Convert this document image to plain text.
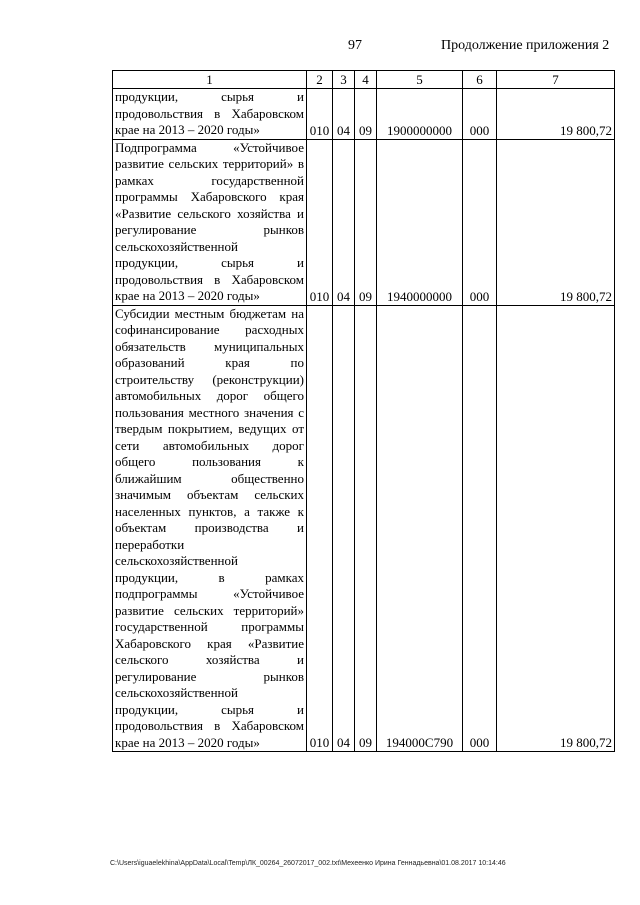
97	Продолжение приложения 2
1	2	3	4	5	6	7
продукции, сырья и продовольствия в Хабаровском крае на 2013 – 2020 годы»	010	04	09	1900000000	000	19 800,72
Подпрограмма «Устойчивое развитие сельских территорий» в рамках государственной программы Хабаровского края «Развитие сельского хозяйства и регулирование рынков сельскохозяйственной продукции, сырья и продовольствия в Хабаровском крае на 2013 – 2020 годы»	010	04	09	1940000000	000	19 800,72
Субсидии местным бюджетам на софинансирование расходных обязательств муниципальных образований края по строительству (реконструкции) автомобильных дорог общего пользования местного значения с твердым покрытием, ведущих от сети автомобильных дорог общего пользования к ближайшим общественно значимым объектам сельских населенных пунктов, а также к объектам производства и переработки сельскохозяйственной продукции, в рамках подпрограммы «Устойчивое развитие сельских территорий» государственной программы Хабаровского края «Развитие сельского хозяйства и регулирование рынков сельскохозяйственной продукции, сырья и продовольствия в Хабаровском крае на 2013 – 2020 годы»	010	04	09	194000С790	000	19 800,72
C:\Users\iguaelekhina\AppData\Local\Temp\ЛК_00264_26072017_002.txt\Мехеенко Ирина Геннадьевна\01.08.2017 10:14:46
